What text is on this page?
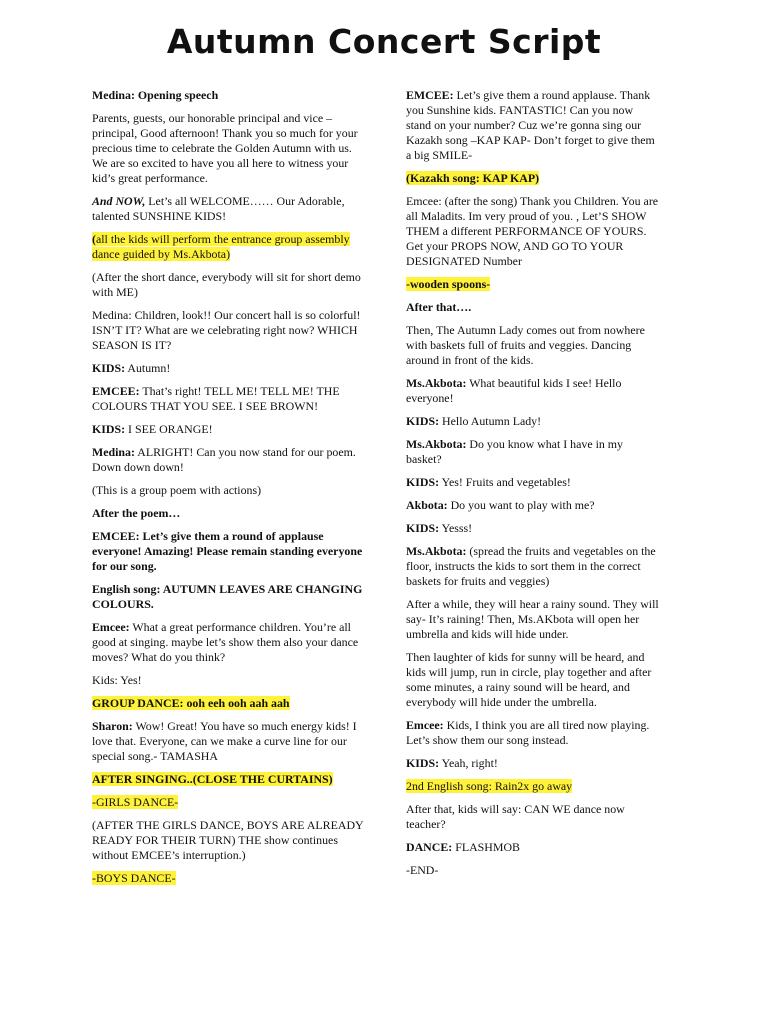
Autumn Concert Script

Medina: Opening speech

Parents, guests, our honorable principal and vice – principal, Good afternoon! Thank you so much for your precious time to celebrate the Golden Autumn with us. We are so excited to have you all here to witness your kid’s great performance.

And NOW, Let’s all WELCOME…… Our Adorable, talented SUNSHINE KIDS!

(all the kids will perform the entrance group assembly dance guided by Ms.Akbota)

(After the short dance, everybody will sit for short demo with ME)

Medina: Children, look!! Our concert hall is so colorful! ISN’T IT? What are we celebrating right now? WHICH SEASON IS IT?

KIDS: Autumn!

EMCEE: That’s right! TELL ME! TELL ME! THE COLOURS THAT YOU SEE. I SEE BROWN!

KIDS: I SEE ORANGE!

Medina: ALRIGHT! Can you now stand for our poem. Down down down!

(This is a group poem with actions)

After the poem…

EMCEE: Let’s give them a round of applause everyone! Amazing! Please remain standing everyone for our song.

English song: AUTUMN LEAVES ARE CHANGING COLOURS.

Emcee: What a great performance children. You’re all good at singing. maybe let’s show them also your dance moves? What do you think?

Kids: Yes!

GROUP DANCE: ooh eeh ooh aah aah

Sharon: Wow! Great! You have so much energy kids! I love that. Everyone, can we make a curve line for our special song.- TAMASHA

AFTER SINGING..(CLOSE THE CURTAINS)

-GIRLS DANCE-

(AFTER THE GIRLS DANCE, BOYS ARE ALREADY READY FOR THEIR TURN) THE show continues without EMCEE’s interruption.)

-BOYS DANCE-

EMCEE: Let’s give them a round applause. Thank you Sunshine kids. FANTASTIC! Can you now stand on your number? Cuz we’re gonna sing our Kazakh song –KAP KAP- Don’t forget to give them a big SMILE-

(Kazakh song: KAP KAP)

Emcee: (after the song) Thank you Children. You are all Maladits. Im very proud of you. , Let’S SHOW THEM a different PERFORMANCE OF YOURS. Get your PROPS NOW, AND GO TO YOUR DESIGNATED Number

-wooden spoons-

After that….

Then, The Autumn Lady comes out from nowhere with baskets full of fruits and veggies. Dancing around in front of the kids.

Ms.Akbota: What beautiful kids I see! Hello everyone!

KIDS: Hello Autumn Lady!

Ms.Akbota: Do you know what I have in my basket?

KIDS: Yes! Fruits and vegetables!

Akbota: Do you want to play with me?

KIDS: Yesss!

Ms.Akbota: (spread the fruits and vegetables on the floor, instructs the kids to sort them in the correct baskets for fruits and veggies)

After a while, they will hear a rainy sound. They will say- It’s raining! Then, Ms.AKbota will open her umbrella and kids will hide under.

Then laughter of kids for sunny will be heard, and kids will jump, run in circle, play together and after some minutes, a rainy sound will be heard, and everybody will hide under the umbrella.

Emcee: Kids, I think you are all tired now playing. Let’s show them our song instead.

KIDS: Yeah, right!

2nd English song: Rain2x go away

After that, kids will say: CAN WE dance now teacher?

DANCE: FLASHMOB

-END-
